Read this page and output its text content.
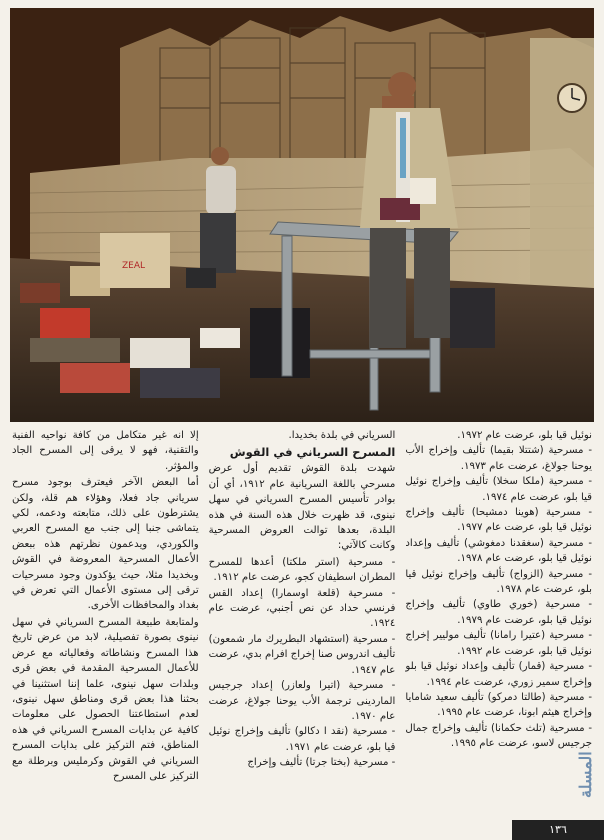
ZEAL

إلا انه غير متكامل من كافة نواحيه الفنية والتقنية، فهو لا يرقى إلى المسرح الجاد والمؤثر.

أما البعض الآخر فيعترف بوجود مسرح سرياني جاد فعلا، وهؤلاء هم قلة، ولكن يشترطون على ذلك، متابعته ودعمه، لكي يتماشى جنبا إلى جنب مع المسرح العربي والكوردي، ويدعمون نظرتهم هذه ببعض الأعمال المسرحية المعروضة في القوش وبخديدا مثلا، حيث يؤكدون وجود مسرحيات ترقى إلى مستوى الأعمال التي تعرض في بغداد والمحافظات الأخرى.

ولمتابعة طبيعة المسرح السرياني في سهل نينوى بصورة تفصيلية، لابد من عرض تاريخ هذا المسرح ونشاطاته وفعالياته مع عرض للأعمال المسرحية المقدمة في بعض قرى وبلدات سهل نينوى، علما إننا استثنينا في بحثنا هذا بعض قرى ومناطق سهل نينوى، لعدم استطاعتنا الحصول على معلومات كافية عن بدايات المسرح السرياني في هذه المناطق، فتم التركيز على بدايات المسرح السرياني في القوش وكرمليس وبرطلة مع التركيز على المسرح

السرياني في بلدة بخديدا.

المسرح السرياني في القوش

شهدت بلدة القوش تقديم أول عرض مسرحي باللغة السريانية عام ١٩١٢، أي أن بوادر تأسيس المسرح السرياني في سهل نينوى، قد ظهرت خلال هذه السنة في هذه البلدة، بعدها توالت العروض المسرحية وكانت كالآتي:

- مسرحية (استر ملكتا) أعدها للمسرح المطران اسطيفان كجو، عرضت عام ١٩١٢.

- مسرحية (قلعة اوسمارا) إعداد القس فرنسي حداد عن نص أجنبي، عرضت عام ١٩٢٤.

- مسرحية (استشهاد البطريرك مار شمعون) تأليف اندروس صنا إخراج افرام بدي، عرضت عام ١٩٤٧.

- مسرحية (اتيرا ولعازر) إعداد جرجيس الماردينى ترجمة الأب يوحنا جولاغ، عرضت عام ١٩٧٠.

- مسرحية (نقد ا دكالو) تأليف وإخراج نوئيل قيا بلو، عرضت عام ١٩٧١.

- مسرحية (بختا جرتا) تأليف وإخراج

نوئيل قيا بلو، عرضت عام ١٩٧٢.

- مسرحية (شتتلا بقيما) تأليف وإخراج الأب يوحنا جولاغ، عرضت عام ١٩٧٣.

- مسرحية (ملكا سخلا) تأليف وإخراج نوئيل قيا بلو، عرضت عام ١٩٧٤.

- مسرحية (هوينا دمشيحا) تأليف وإخراج نوئيل قيا بلو، عرضت عام ١٩٧٧.

- مسرحية (سغقدنا دمغوشي) تأليف وإعداد نوئيل قيا بلو، عرضت عام ١٩٧٨.

- مسرحية (الزواج) تأليف وإخراج نوئيل قيا بلو، عرضت عام ١٩٧٨.

- مسرحية (خوري طاوي) تأليف وإخراج نوئيل قيا بلو، عرضت عام ١٩٧٩.

- مسرحية (عتيرا رامانا) تأليف موليير إخراج نوئيل قيا بلو، عرضت عام ١٩٩٢.

- مسرحية (قمار) تأليف وإعداد نوئيل قيا بلو وإخراج سمير زوري، عرضت عام ١٩٩٤.

- مسرحية (طالتا دمركو) تأليف سعيد شامايا وإخراج هيثم ابونا، عرضت عام ١٩٩٥.

- مسرحية (تلث حكمانا) تأليف وإخراج جمال جرجيس لاسو، عرضت عام ١٩٩٥.

المسلة
١٣٦
